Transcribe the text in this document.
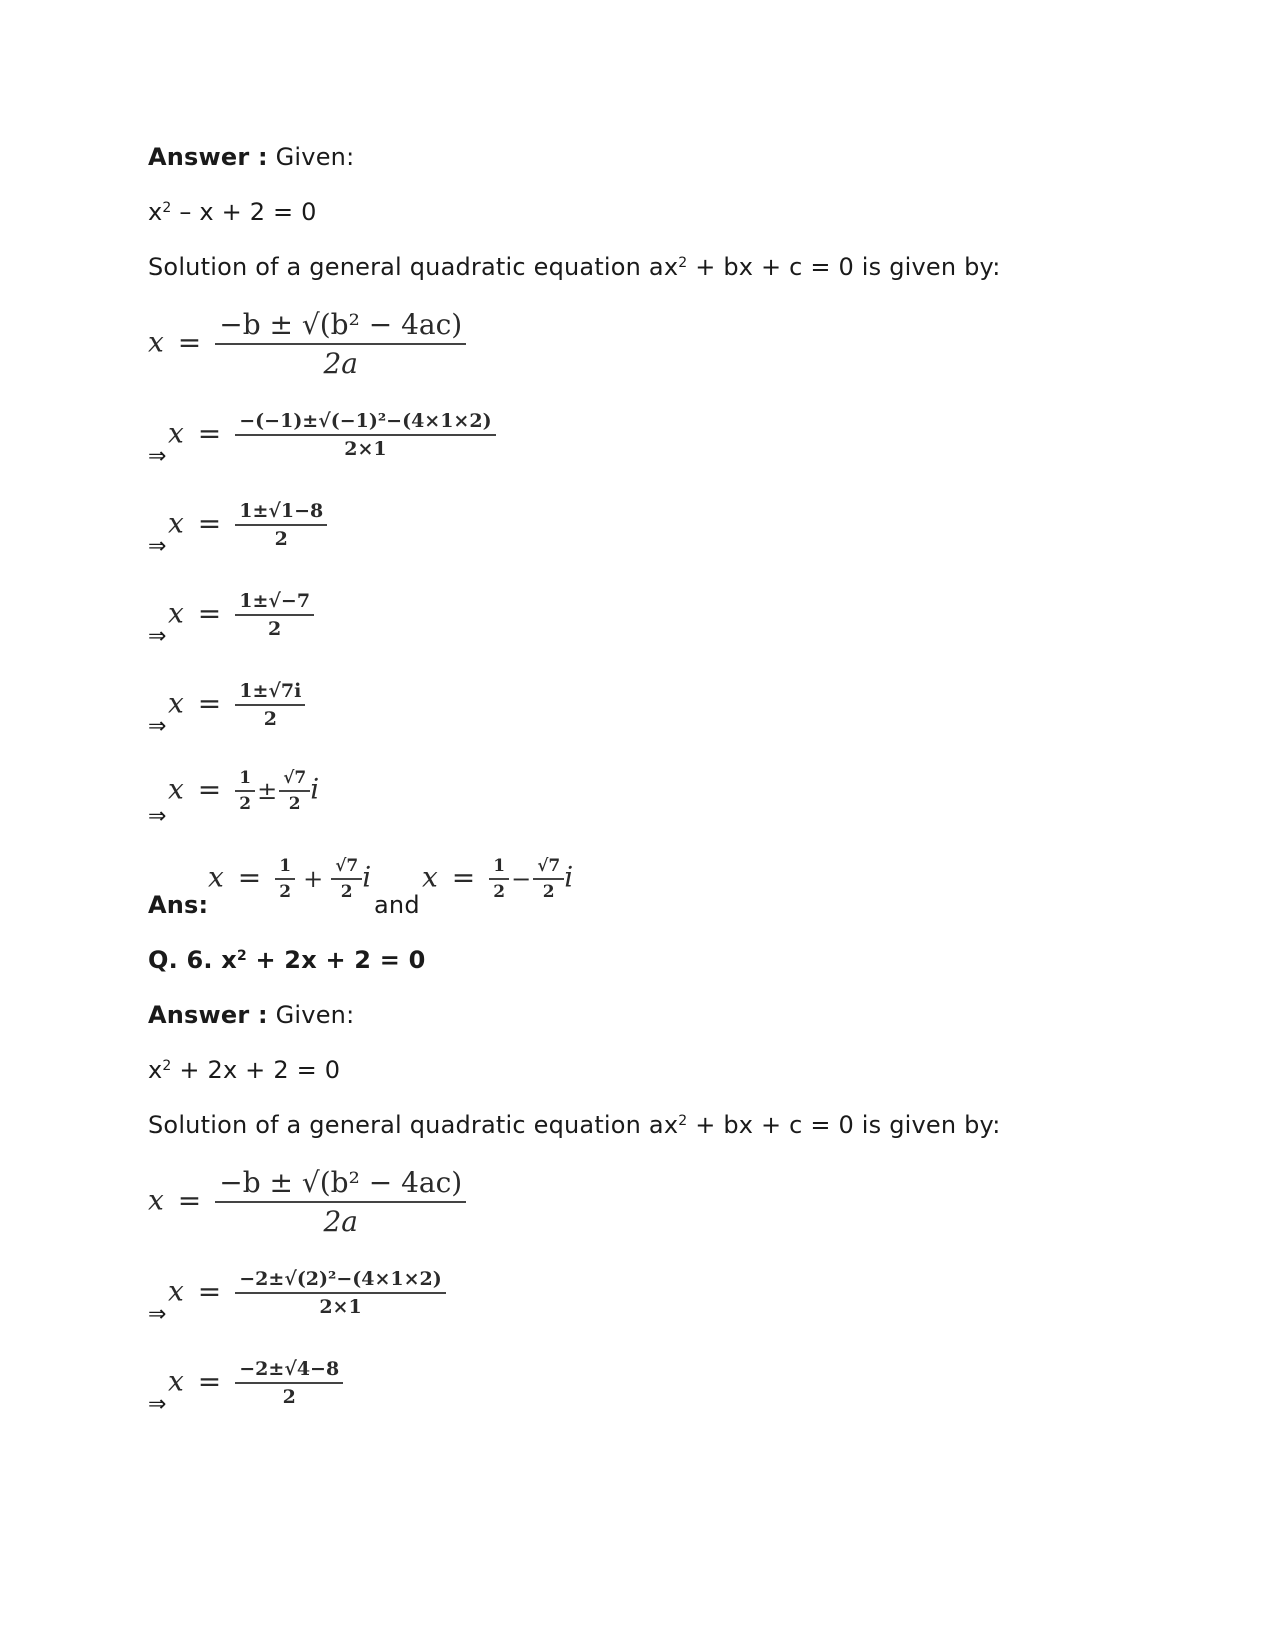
Answer : Given:
$x^2 - x + 2 = 0$
Solution of a general quadratic equation $ax^2$ + bx + c = 0 is given by:
$x = \frac{\text{−b ± √(b² − 4ac)}}{2a}$
⇒
$x = \frac{\text{−(−1)±√(−1)²−(4×1×2)}}{2\times 1}$
⇒
$x = \frac{1\pm√1-8}{2}$
⇒
$x = \frac{1\pm√-7}{2}$
⇒
$x = \frac{1\pm√7i}{2}$
⇒
$x = \frac{1}{2} \pm \frac{√7}{2}$ i
Ans:
$x = \frac{1}{2} + \frac{√7}{2}$ i
and
$x = \frac{1}{2} - \frac{√7}{2}$ i
Q. 6. $x^2 + 2x + 2 = 0$
Answer : Given:
$x^2 + 2x + 2 = 0$
Solution of a general quadratic equation $ax^2$ + bx + c = 0 is given by:
$x = \frac{\text{−b ± √(b² − 4ac)}}{2a}$
⇒
$x = \frac{\text{−2±√(2)²−(4×1×2)}}{2\times 1}$
⇒
$x = \frac{-2\pm√4-8}{2}$
